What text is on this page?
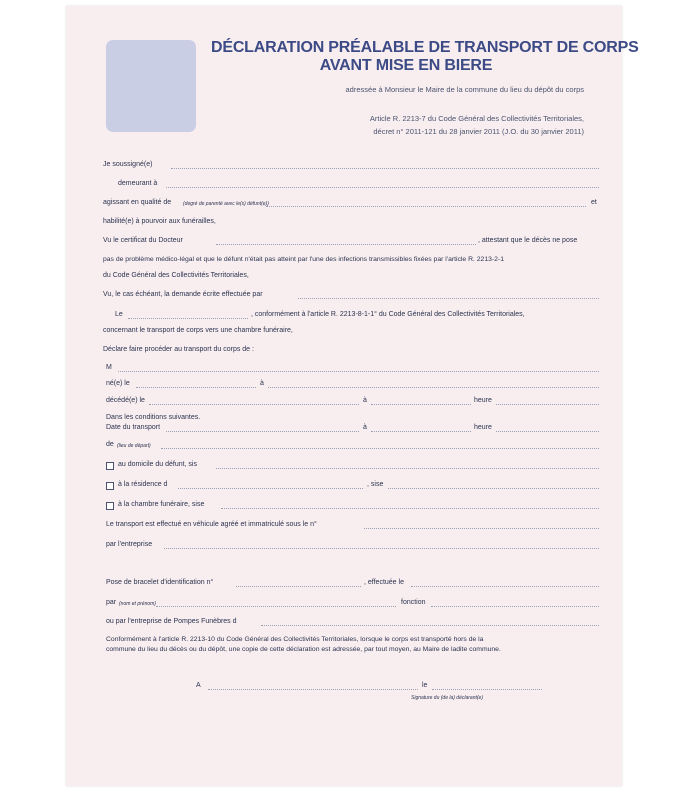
DÉCLARATION PRÉALABLE DE TRANSPORT DE CORPS
AVANT MISE EN BIERE
adressée à Monsieur le Maire de la commune du lieu du dépôt du corps
Article R. 2213-7 du Code Général des Collectivités Territoriales,
décret n° 2011-121 du 28 janvier 2011 (J.O. du 30 janvier 2011)
Je soussigné(e)
demeurant à
agissant en qualité de (degré de parenté avec le(s) défunt(e))	et
habilité(e) à pourvoir aux funérailles,
Vu le certificat du Docteur	, attestant que le décès ne pose
pas de problème médico-légal et que le défunt n'était pas atteint par l'une des infections transmissibles fixées par l'article R. 2213-2-1
du Code Général des Collectivités Territoriales,
Vu, le cas échéant, la demande écrite effectuée par
Le	, conformément à l'article R. 2213-8-1-1° du Code Général des Collectivités Territoriales,
concernant le transport de corps vers une chambre funéraire,
Déclare faire procéder au transport du corps de :
M
né(e) le	à
décédé(e) le	à	heure
Dans les conditions suivantes.
Date du transport	à	heure
de (lieu de départ)
au domicile du défunt, sis
à la résidence d	, sise
à la chambre funéraire, sise
Le transport est effectué en véhicule agréé et immatriculé sous le n°
par l'entreprise
Pose de bracelet d'identification n°	, effectuée le
par (nom et prénom)	fonction
ou par l'entreprise de Pompes Funèbres d
Conformément à l'article R. 2213-10 du Code Général des Collectivités Territoriales, lorsque le corps est transporté hors de la
commune du lieu du décès ou du dépôt, une copie de cette déclaration est adressée, par tout moyen, au Maire de ladite commune.
A	le
Signature du (de la) déclarant(e)
